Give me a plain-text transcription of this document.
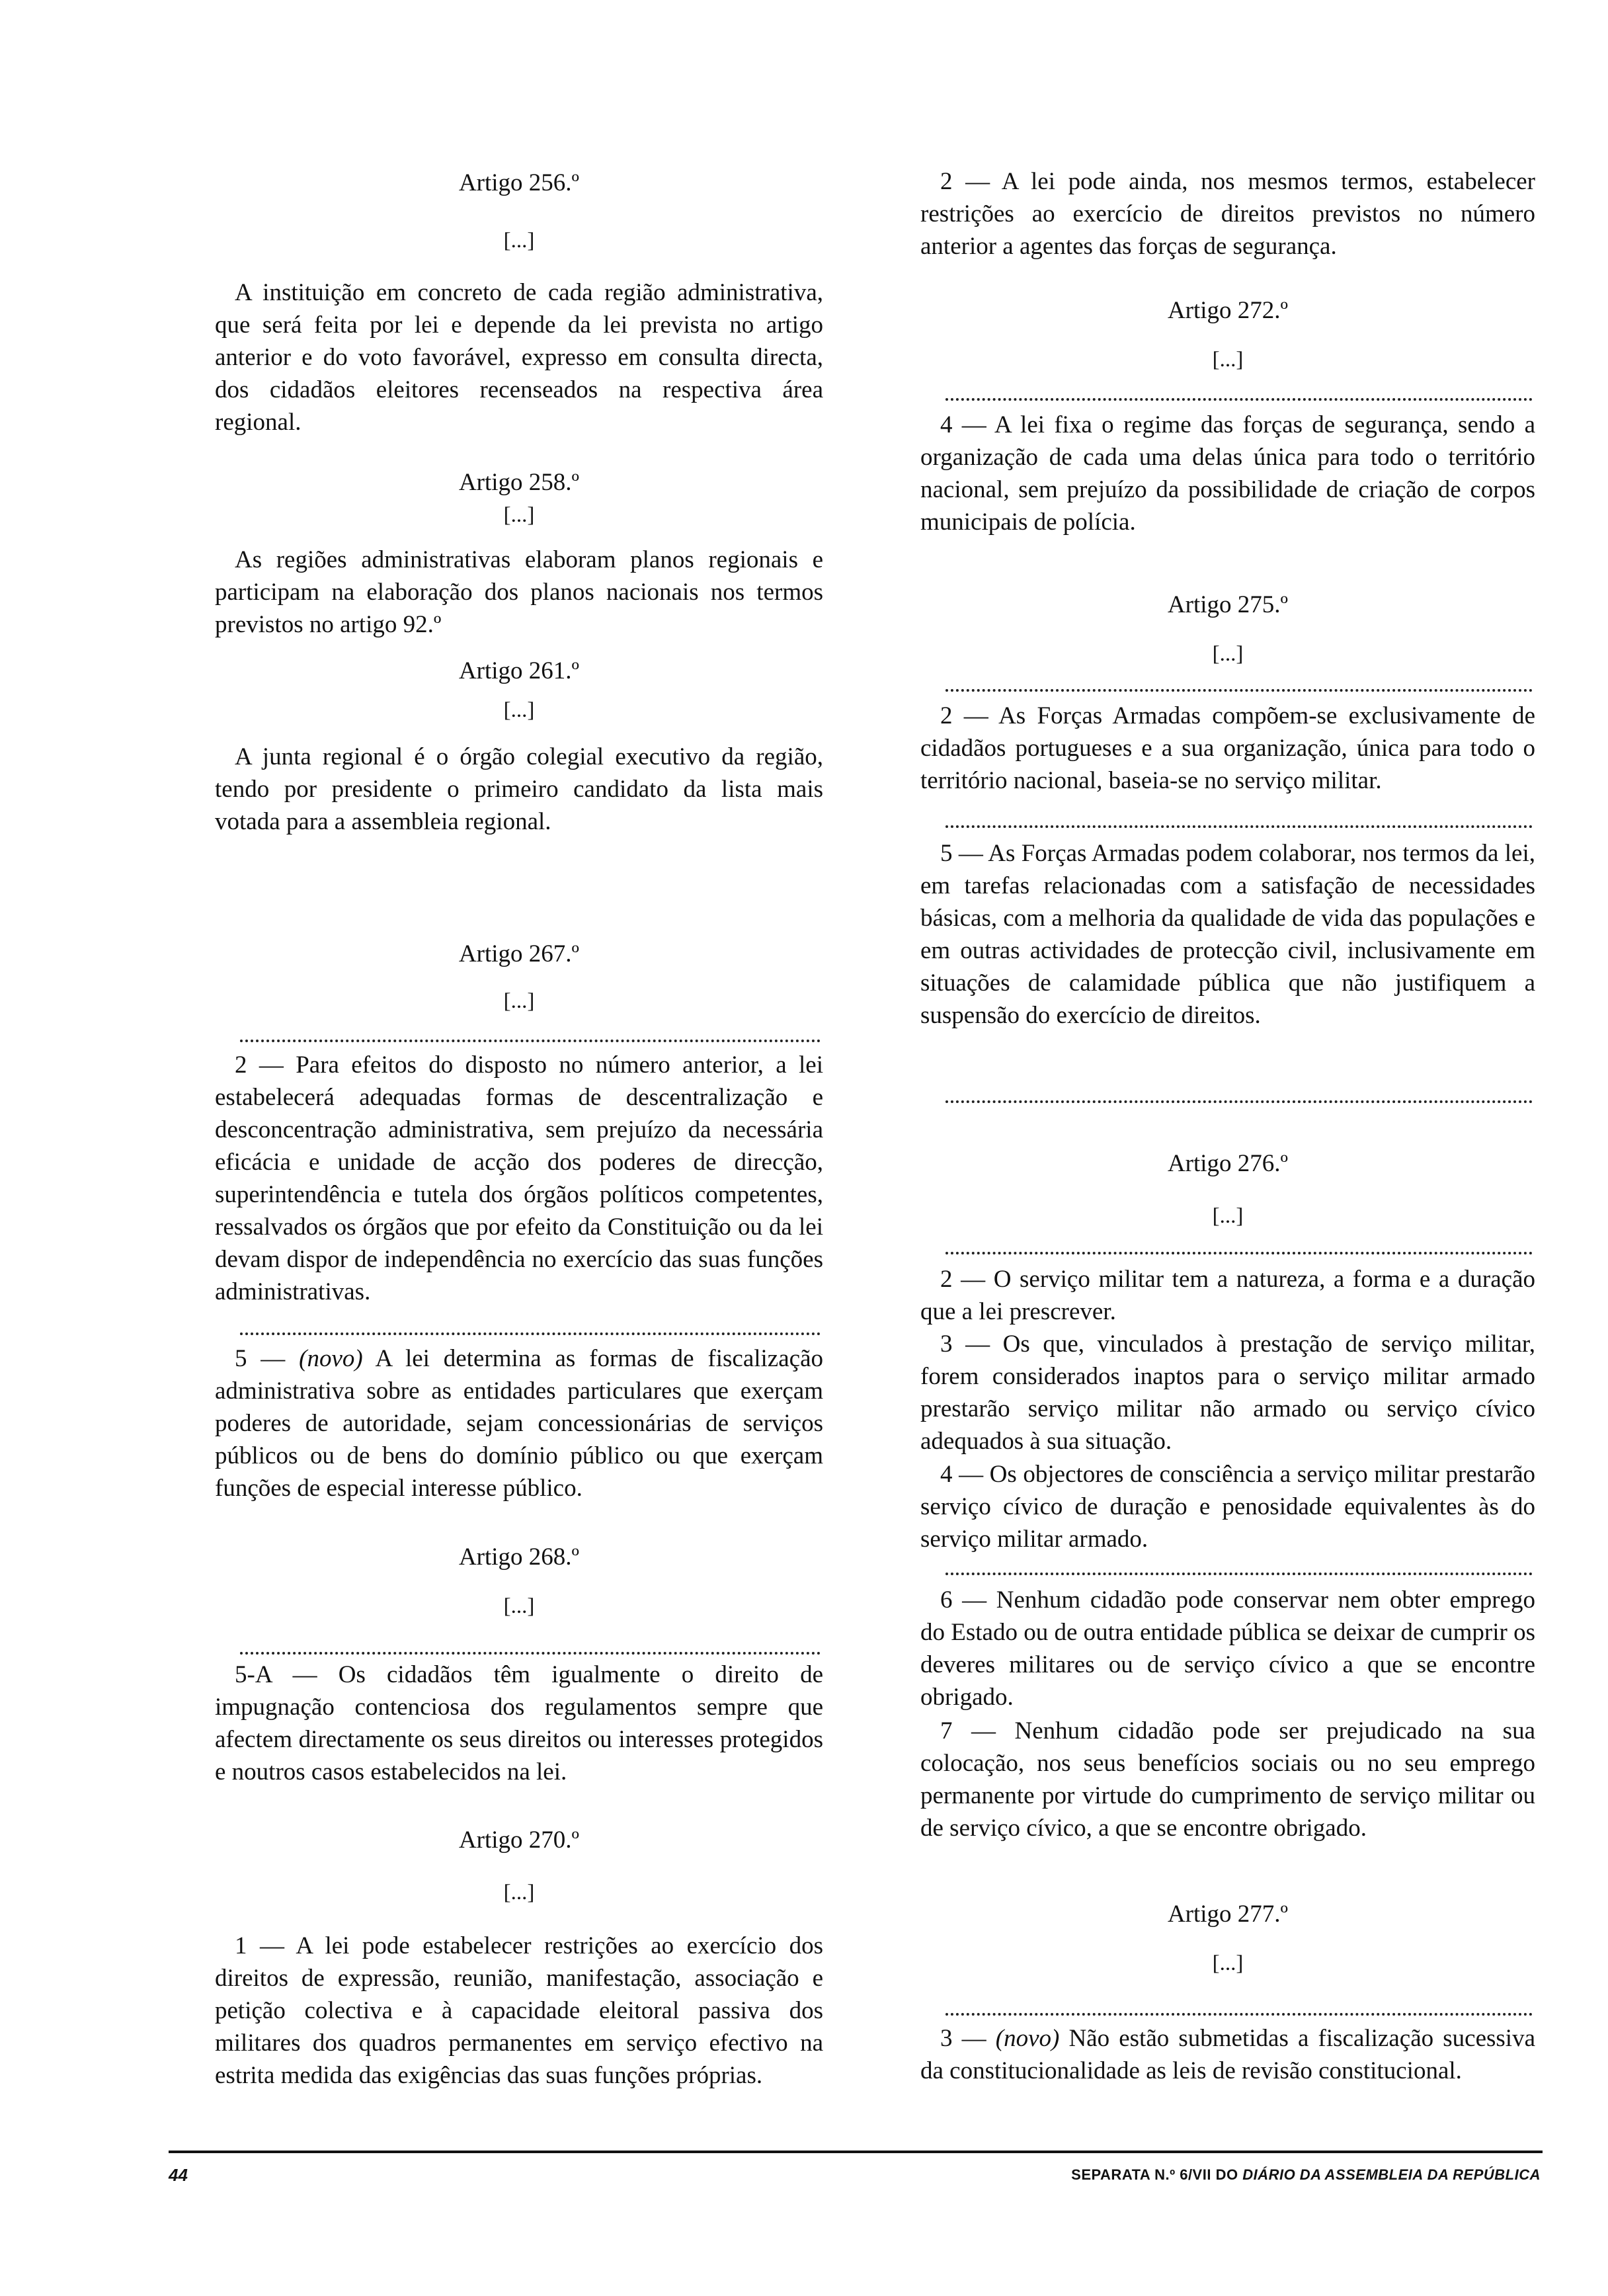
Artigo 256.º
[...]
A instituição em concreto de cada região administrativa, que será feita por lei e depende da lei prevista no artigo anterior e do voto favorável, expresso em consulta directa, dos cidadãos eleitores recenseados na respectiva área regional.
Artigo 258.º
[...]
As regiões administrativas elaboram planos regionais e participam na elaboração dos planos nacionais nos termos previstos no artigo 92.º
Artigo 261.º
[...]
A junta regional é o órgão colegial executivo da região, tendo por presidente o primeiro candidato da lista mais votada para a assembleia regional.
Artigo 267.º
[...]
2 — Para efeitos do disposto no número anterior, a lei estabelecerá adequadas formas de descentralização e desconcentração administrativa, sem prejuízo da necessária eficácia e unidade de acção dos poderes de direcção, superintendência e tutela dos órgãos políticos competentes, ressalvados os órgãos que por efeito da Constituição ou da lei devam dispor de independência no exercício das suas funções administrativas.
5 — (novo) A lei determina as formas de fiscalização administrativa sobre as entidades particulares que exerçam poderes de autoridade, sejam concessionárias de serviços públicos ou de bens do domínio público ou que exerçam funções de especial interesse público.
Artigo 268.º
[...]
5-A — Os cidadãos têm igualmente o direito de impugnação contenciosa dos regulamentos sempre que afectem directamente os seus direitos ou interesses protegidos e noutros casos estabelecidos na lei.
Artigo 270.º
[...]
1 — A lei pode estabelecer restrições ao exercício dos direitos de expressão, reunião, manifestação, associação e petição colectiva e à capacidade eleitoral passiva dos militares dos quadros permanentes em serviço efectivo na estrita medida das exigências das suas funções próprias.
2 — A lei pode ainda, nos mesmos termos, estabelecer restrições ao exercício de direitos previstos no número anterior a agentes das forças de segurança.
Artigo 272.º
[...]
4 — A lei fixa o regime das forças de segurança, sendo a organização de cada uma delas única para todo o território nacional, sem prejuízo da possibilidade de criação de corpos municipais de polícia.
Artigo 275.º
[...]
2 — As Forças Armadas compõem-se exclusivamente de cidadãos portugueses e a sua organização, única para todo o território nacional, baseia-se no serviço militar.
5 — As Forças Armadas podem colaborar, nos termos da lei, em tarefas relacionadas com a satisfação de necessidades básicas, com a melhoria da qualidade de vida das populações e em outras actividades de protecção civil, inclusivamente em situações de calamidade pública que não justifiquem a suspensão do exercício de direitos.
Artigo 276.º
[...]
2 — O serviço militar tem a natureza, a forma e a duração que a lei prescrever.
3 — Os que, vinculados à prestação de serviço militar, forem considerados inaptos para o serviço militar armado prestarão serviço militar não armado ou serviço cívico adequados à sua situação.
4 — Os objectores de consciência a serviço militar prestarão serviço cívico de duração e penosidade equivalentes às do serviço militar armado.
6 — Nenhum cidadão pode conservar nem obter emprego do Estado ou de outra entidade pública se deixar de cumprir os deveres militares ou de serviço cívico a que se encontre obrigado.
7 — Nenhum cidadão pode ser prejudicado na sua colocação, nos seus benefícios sociais ou no seu emprego permanente por virtude do cumprimento de serviço militar ou de serviço cívico, a que se encontre obrigado.
Artigo 277.º
[...]
3 — (novo) Não estão submetidas a fiscalização sucessiva da constitucionalidade as leis de revisão constitucional.
44	SEPARATA N.º 6/VII DO DIÁRIO DA ASSEMBLEIA DA REPÚBLICA
